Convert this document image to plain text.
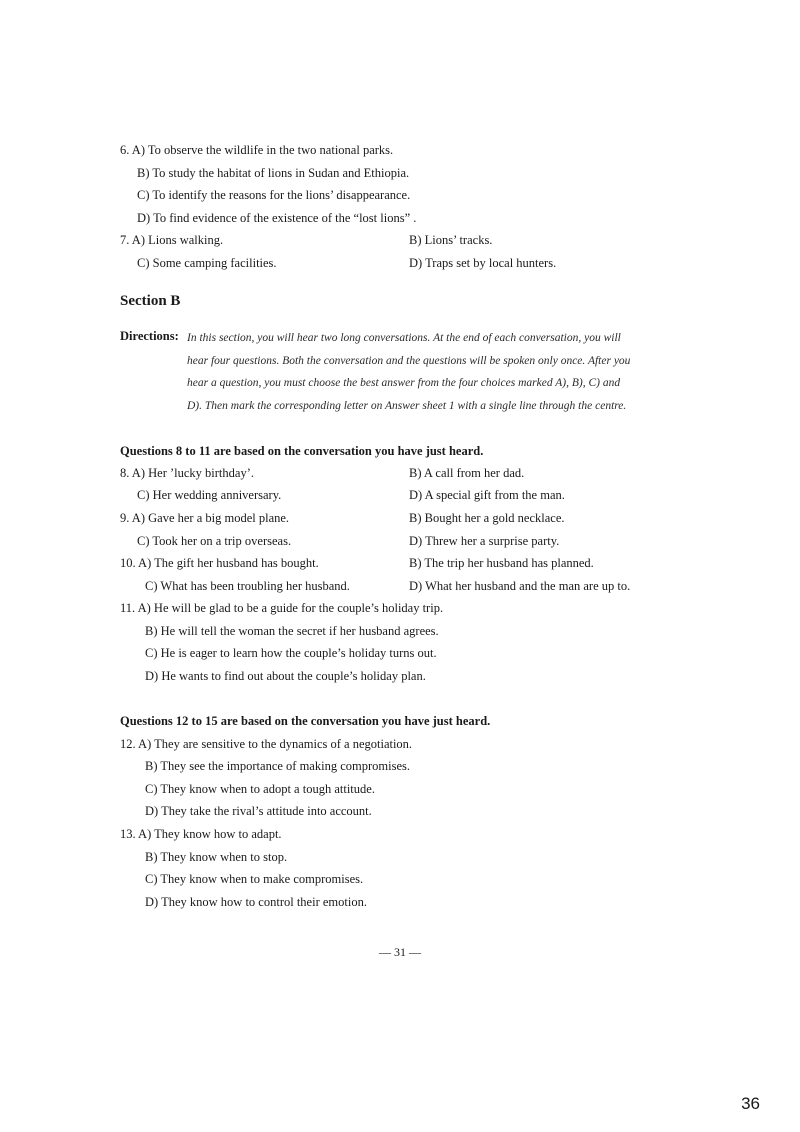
6. A) To observe the wildlife in the two national parks.
B) To study the habitat of lions in Sudan and Ethiopia.
C) To identify the reasons for the lions’ disappearance.
D) To find evidence of the existence of the “lost lions” .
7. A) Lions walking.	B) Lions’ tracks.
C) Some camping facilities.	D) Traps set by local hunters.
Section B
Directions: In this section, you will hear two long conversations. At the end of each conversation, you will
hear four questions. Both the conversation and the questions will be spoken only once. After you
hear a question, you must choose the best answer from the four choices marked A), B), C) and
D). Then mark the corresponding letter on Answer sheet 1 with a single line through the centre.
Questions 8 to 11 are based on the conversation you have just heard.
8. A) Her ’lucky birthday’.	B) A call from her dad.
C) Her wedding anniversary.	D) A special gift from the man.
9. A) Gave her a big model plane.	B) Bought her a gold necklace.
C) Took her on a trip overseas.	D) Threw her a surprise party.
10. A) The gift her husband has bought.	B) The trip her husband has planned.
C) What has been troubling her husband.	D) What her husband and the man are up to.
11. A) He will be glad to be a guide for the couple’s holiday trip.
B) He will tell the woman the secret if her husband agrees.
C) He is eager to learn how the couple’s holiday turns out.
D) He wants to find out about the couple’s holiday plan.
Questions 12 to 15 are based on the conversation you have just heard.
12. A) They are sensitive to the dynamics of a negotiation.
B) They see the importance of making compromises.
C) They know when to adopt a tough attitude.
D) They take the rival’s attitude into account.
13. A) They know how to adapt.
B) They know when to stop.
C) They know when to make compromises.
D) They know how to control their emotion.
— 31 —
36
